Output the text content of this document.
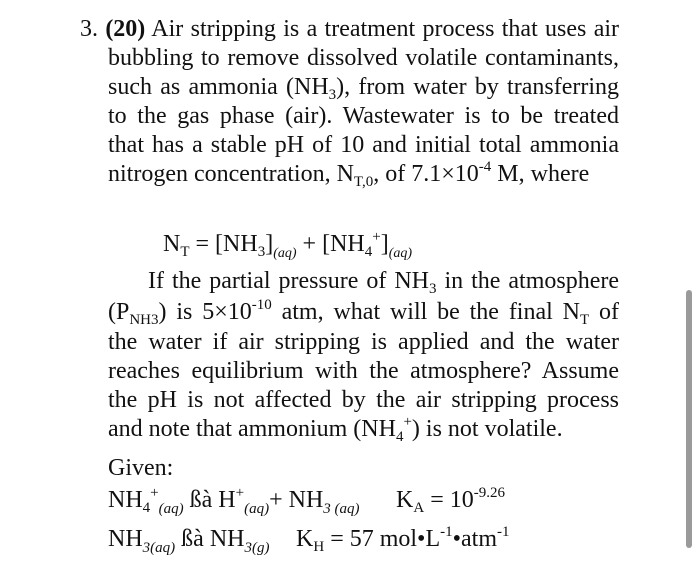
3. (20) Air stripping is a treatment process that uses air
bubbling to remove dissolved volatile contaminants,
such as ammonia $(NH_3)$, from water by transferring
to the gas phase (air). Wastewater is to be treated
that has a stable pH of 10 and initial total ammonia
nitrogen concentration, $N_{T,0}$, of $7.1\times 10^{-4}$ M, where
$N_T = [NH_3]_{(aq)} + [NH_4^+]_{(aq)}$
If the partial pressure of $NH_3$ in the atmosphere
$(P_{NH3})$ is $5\times 10^{-10}$ atm, what will be the final $N_T$ of
the water if air stripping is applied and the water
reaches equilibrium with the atmosphere? Assume
the pH is not affected by the air stripping process
and note that ammonium $(NH_4^+)$ is not volatile.
Given:
$NH_4^+_{(aq)}$ ßà $H^+_{(aq)}+ NH_{3 (aq)}$ $K_A = 10^{-9.26}$
$NH_{3(aq)}$ ßà $NH_{3(g)}$ $K_H = 57$ $mol•L^{-1}•atm^{-1}$
